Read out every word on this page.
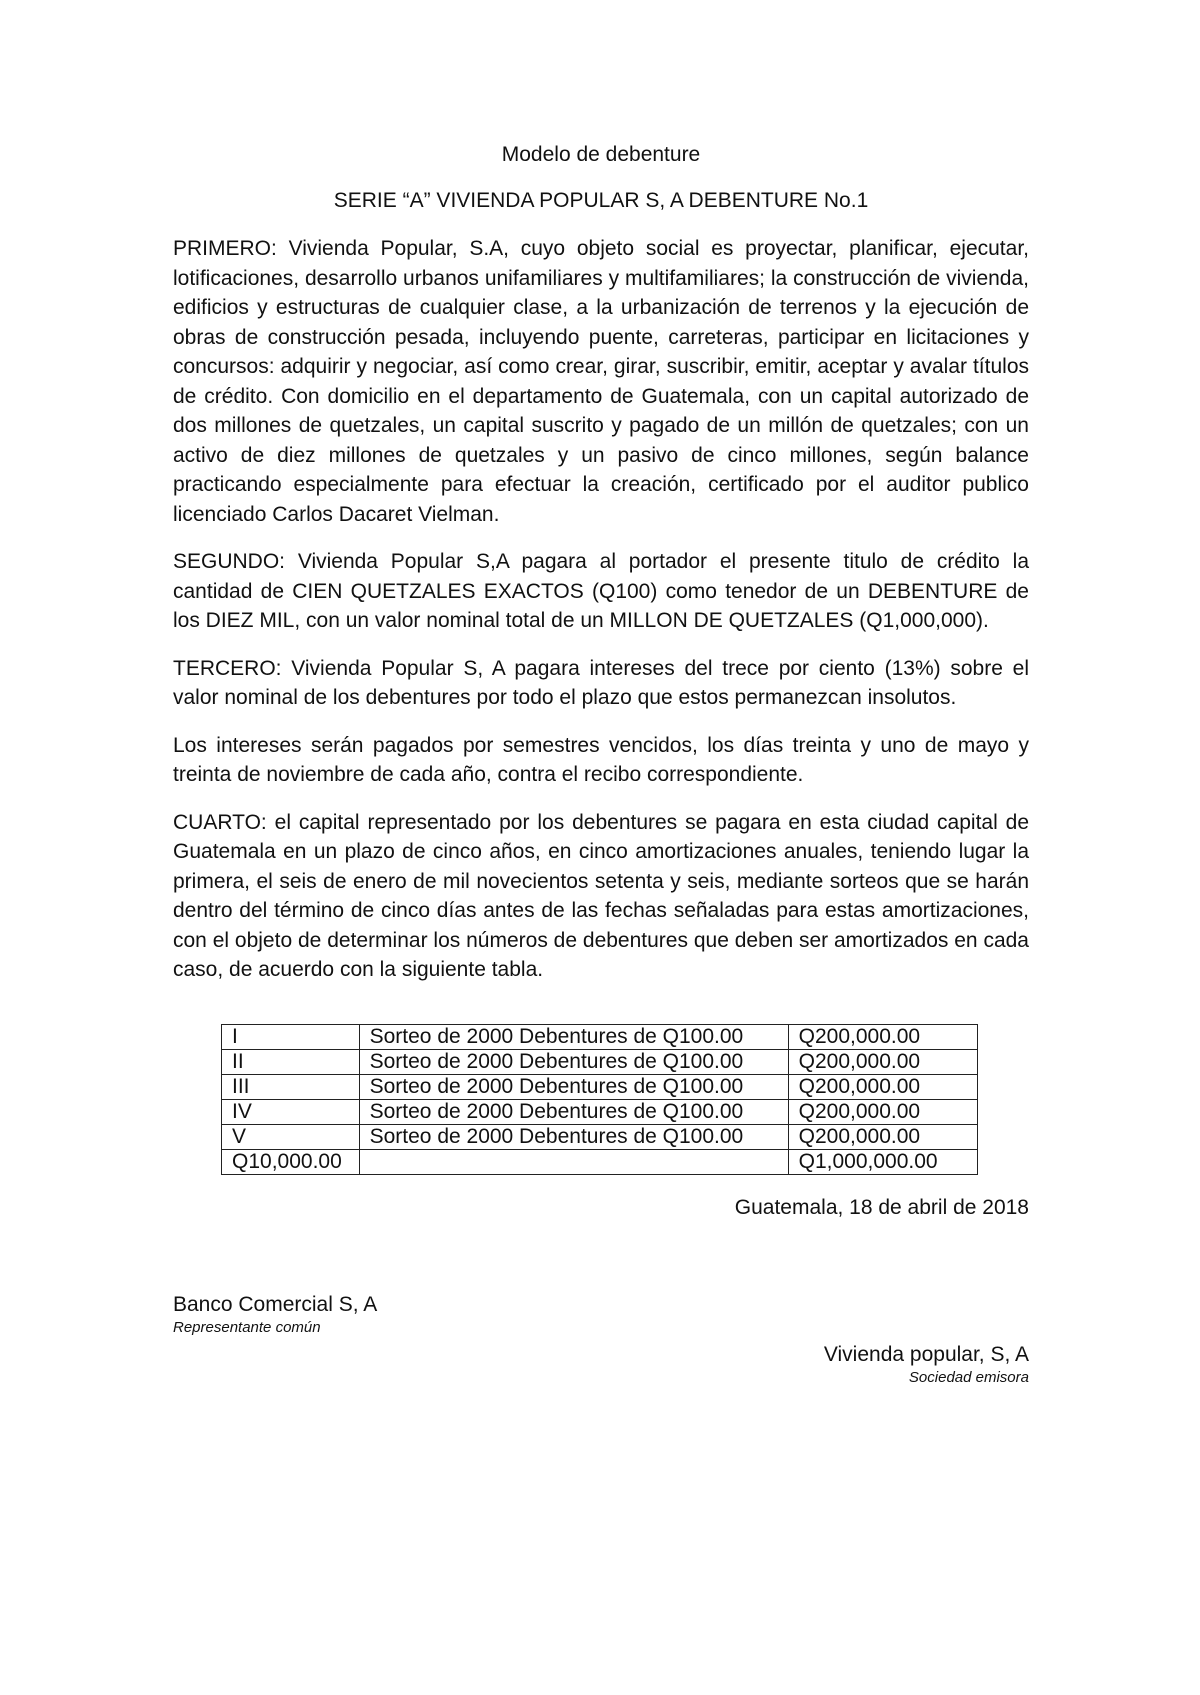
Modelo de debenture

SERIE “A” VIVIENDA POPULAR S, A DEBENTURE No.1

PRIMERO: Vivienda Popular, S.A, cuyo objeto social es proyectar, planificar, ejecutar, lotificaciones, desarrollo urbanos unifamiliares y multifamiliares; la construcción de vivienda, edificios y estructuras de cualquier clase, a la urbanización de terrenos y la ejecución de obras de construcción pesada, incluyendo puente, carreteras, participar en licitaciones y concursos: adquirir y negociar, así como crear, girar, suscribir, emitir, aceptar y avalar títulos de crédito. Con domicilio en el departamento de Guatemala, con un capital autorizado de dos millones de quetzales, un capital suscrito y pagado de un millón de quetzales; con un activo de diez millones de quetzales y un pasivo de cinco millones, según balance practicando especialmente para efectuar la creación, certificado por el auditor publico licenciado Carlos Dacaret Vielman.

SEGUNDO: Vivienda Popular S,A pagara al portador el presente titulo de crédito la cantidad de CIEN QUETZALES EXACTOS (Q100) como tenedor de un DEBENTURE de los DIEZ MIL, con un valor nominal total de un MILLON DE QUETZALES (Q1,000,000).

TERCERO: Vivienda Popular S, A pagara intereses del trece por ciento (13%) sobre el valor nominal de los debentures por todo el plazo que estos permanezcan insolutos.

Los intereses serán pagados por semestres vencidos, los días treinta y uno de mayo y treinta de noviembre de cada año, contra el recibo correspondiente.

CUARTO: el capital representado por los debentures se pagara en esta ciudad capital de Guatemala en un plazo de cinco años, en cinco amortizaciones anuales, teniendo lugar la primera, el seis de enero de mil novecientos setenta y seis, mediante sorteos que se harán dentro del término de cinco días antes de las fechas señaladas para estas amortizaciones, con el objeto de determinar los números de debentures que deben ser amortizados en cada caso, de acuerdo con la siguiente tabla.

I	Sorteo de 2000 Debentures de Q100.00	Q200,000.00
II	Sorteo de 2000 Debentures de Q100.00	Q200,000.00
III	Sorteo de 2000 Debentures de Q100.00	Q200,000.00
IV	Sorteo de 2000 Debentures de Q100.00	Q200,000.00
V	Sorteo de 2000 Debentures de Q100.00	Q200,000.00
Q10,000.00		Q1,000,000.00
Guatemala, 18 de abril de 2018
Banco Comercial S, A
Representante común
Vivienda popular, S, A
Sociedad emisora
